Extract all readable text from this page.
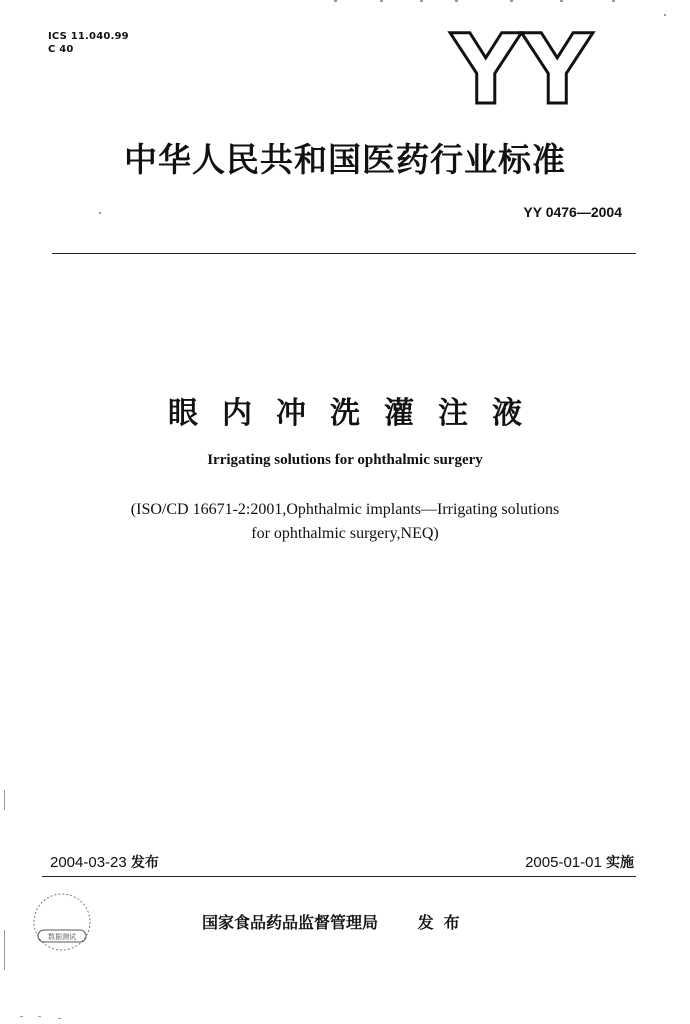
ICS 11.040.99
C 40	YY
中华人民共和国医药行业标准
YY 0476—2004
眼内冲洗灌注液
Irrigating solutions for ophthalmic surgery
(ISO/CD 16671-2:2001,Ophthalmic implants—Irrigating solutions
for ophthalmic surgery,NEQ)
2004-03-23 发布	2005-01-01 实施
数据测试
国家食品药品监督管理局 发布
